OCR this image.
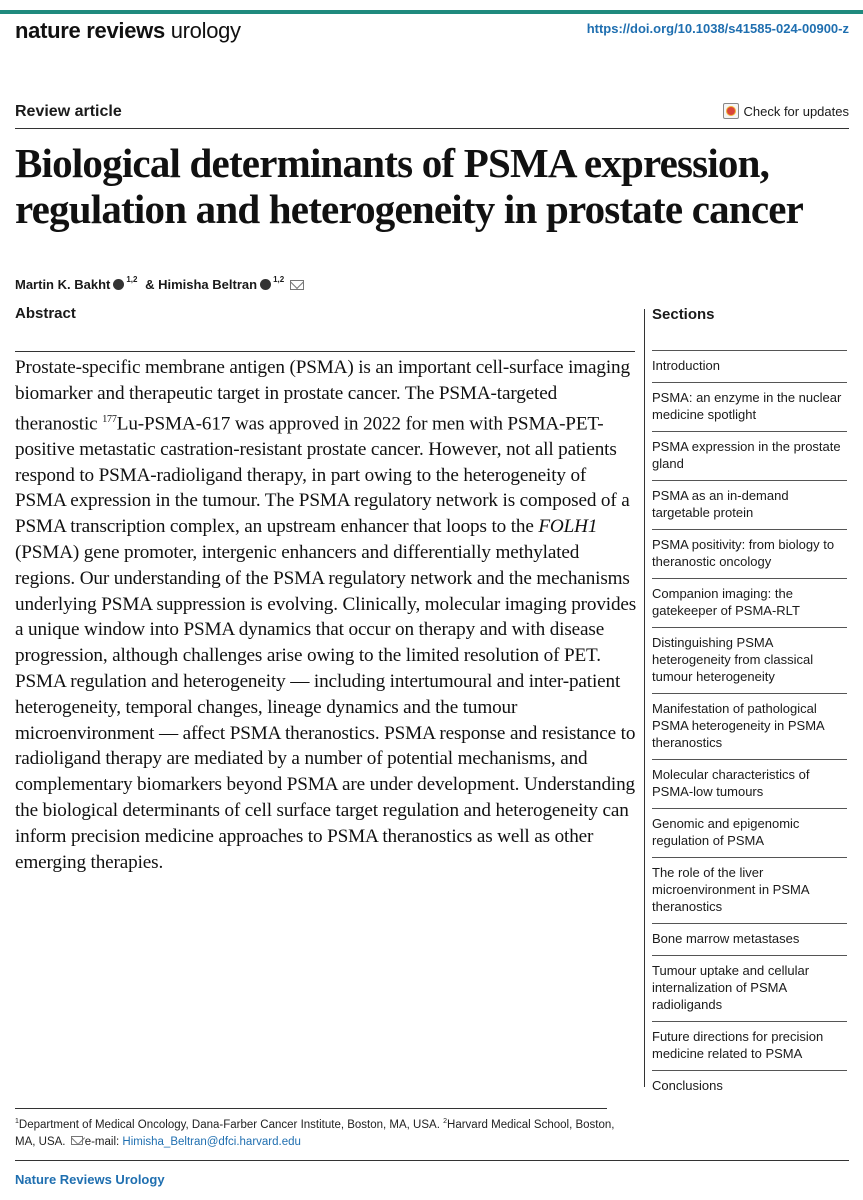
nature reviews urology	https://doi.org/10.1038/s41585-024-00900-z
Review article	Check for updates
Biological determinants of PSMA expression,
regulation and heterogeneity in prostate cancer
Martin K. Bakht $^{1,2}$ & Himisha Beltran $^{1,2}$
Abstract

Prostate-specific membrane antigen (PSMA) is an important cell-surface imaging biomarker and therapeutic target in prostate cancer. The PSMA-targeted theranostic $^{177}$Lu-PSMA-617 was approved in 2022 for men with PSMA-PET-positive metastatic castration-resistant prostate cancer. However, not all patients respond to PSMA-radioligand therapy, in part owing to the heterogeneity of PSMA expression in the tumour. The PSMA regulatory network is composed of a PSMA transcription complex, an upstream enhancer that loops to the FOLH1 (PSMA) gene promoter, intergenic enhancers and differentially methylated regions. Our understanding of the PSMA regulatory network and the mechanisms underlying PSMA suppression is evolving. Clinically, molecular imaging provides a unique window into PSMA dynamics that occur on therapy and with disease progression, although challenges arise owing to the limited resolution of PET. PSMA regulation and heterogeneity — including intertumoural and inter-patient heterogeneity, temporal changes, lineage dynamics and the tumour microenvironment — affect PSMA theranostics. PSMA response and resistance to radioligand therapy are mediated by a number of potential mechanisms, and complementary biomarkers beyond PSMA are under development. Understanding the biological determinants of cell surface target regulation and heterogeneity can inform precision medicine approaches to PSMA theranostics as well as other emerging therapies.

Sections
Introduction
PSMA: an enzyme in the nuclear medicine spotlight
PSMA expression in the prostate gland
PSMA as an in-demand targetable protein
PSMA positivity: from biology to theranostic oncology
Companion imaging: the gatekeeper of PSMA-RLT
Distinguishing PSMA heterogeneity from classical tumour heterogeneity
Manifestation of pathological PSMA heterogeneity in PSMA theranostics
Molecular characteristics of PSMA-low tumours
Genomic and epigenomic regulation of PSMA
The role of the liver microenvironment in PSMA theranostics
Bone marrow metastases
Tumour uptake and cellular internalization of PSMA radioligands
Future directions for precision medicine related to PSMA
Conclusions
$^1$Department of Medical Oncology, Dana-Farber Cancer Institute, Boston, MA, USA. $^2$Harvard Medical School, Boston, MA, USA. e-mail: Himisha_Beltran@dfci.harvard.edu
Nature Reviews Urology
